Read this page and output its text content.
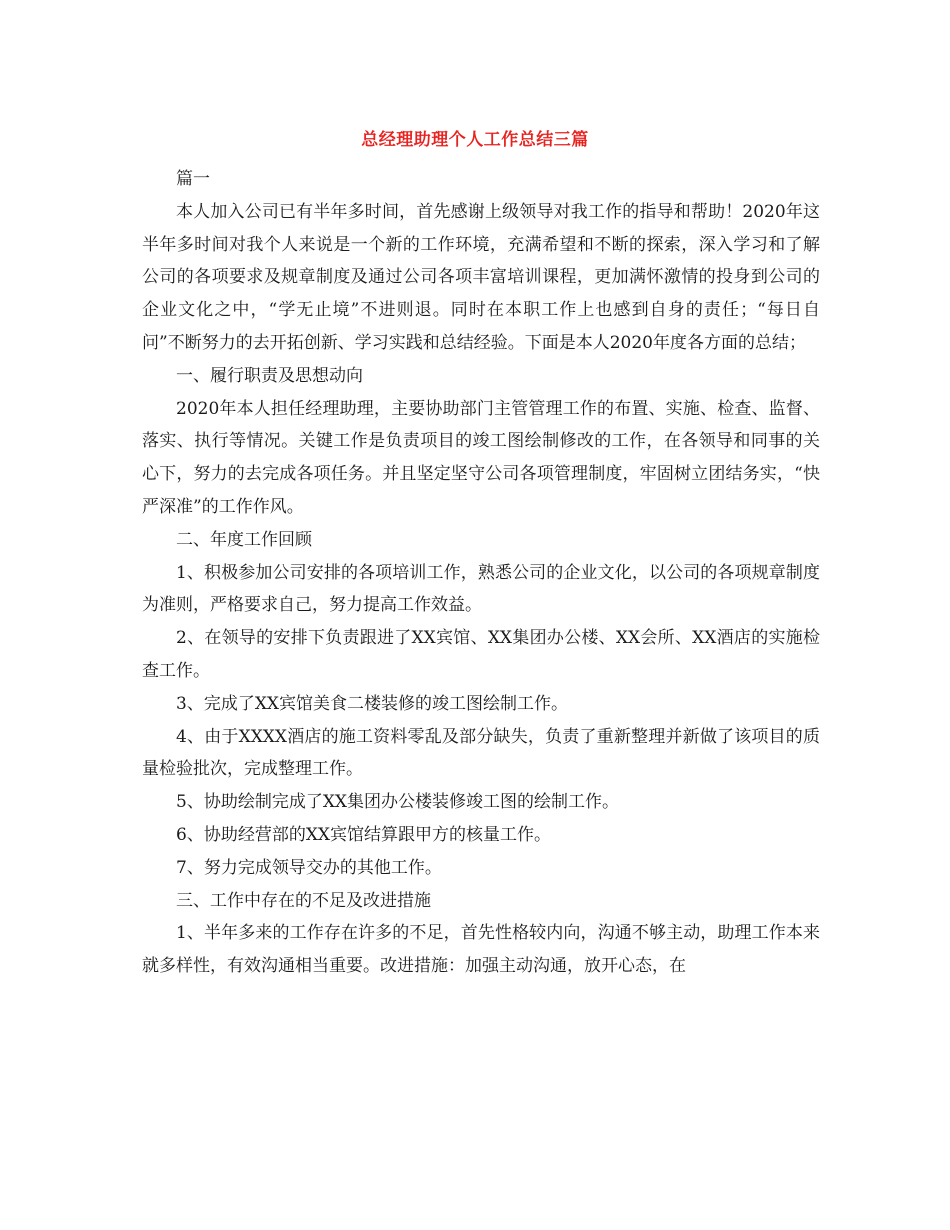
总经理助理个人工作总结三篇

篇一

本人加入公司已有半年多时间，首先感谢上级领导对我工作的指导和帮助！2020年这半年多时间对我个人来说是一个新的工作环境，充满希望和不断的探索，深入学习和了解公司的各项要求及规章制度及通过公司各项丰富培训课程，更加满怀激情的投身到公司的企业文化之中，“学无止境”不进则退。同时在本职工作上也感到自身的责任；“每日自问”不断努力的去开拓创新、学习实践和总结经验。下面是本人2020年度各方面的总结；

一、履行职责及思想动向

2020年本人担任经理助理，主要协助部门主管管理工作的布置、实施、检查、监督、落实、执行等情况。关键工作是负责项目的竣工图绘制修改的工作，在各领导和同事的关心下，努力的去完成各项任务。并且坚定坚守公司各项管理制度，牢固树立团结务实，“快严深准”的工作作风。

二、年度工作回顾

1、积极参加公司安排的各项培训工作，熟悉公司的企业文化，以公司的各项规章制度为准则，严格要求自己，努力提高工作效益。

2、在领导的安排下负责跟进了XX宾馆、XX集团办公楼、XX会所、XX酒店的实施检查工作。

3、完成了XX宾馆美食二楼装修的竣工图绘制工作。

4、由于XXXX酒店的施工资料零乱及部分缺失，负责了重新整理并新做了该项目的质量检验批次，完成整理工作。

5、协助绘制完成了XX集团办公楼装修竣工图的绘制工作。

6、协助经营部的XX宾馆结算跟甲方的核量工作。

7、努力完成领导交办的其他工作。

三、工作中存在的不足及改进措施

1、半年多来的工作存在许多的不足，首先性格较内向，沟通不够主动，助理工作本来就多样性，有效沟通相当重要。改进措施：加强主动沟通，放开心态，在
